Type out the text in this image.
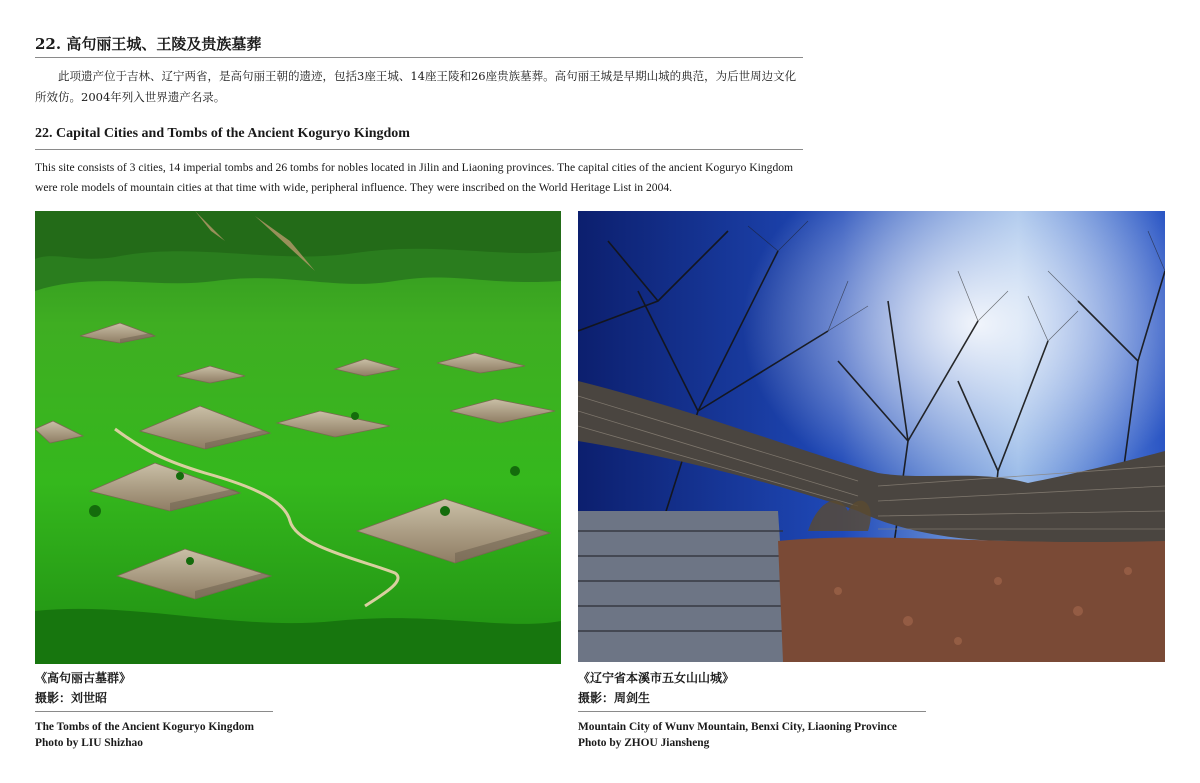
22. 高句丽王城、王陵及贵族墓葬
此项遗产位于吉林、辽宁两省，是高句丽王朝的遗迹，包括3座王城、14座王陵和26座贵族墓葬。高句丽王城是早期山城的典范，为后世周边文化所效仿。2004年列入世界遗产名录。
22. Capital Cities and Tombs of the Ancient Koguryo Kingdom
This site consists of 3 cities, 14 imperial tombs and 26 tombs for nobles located in Jilin and Liaoning provinces. The capital cities of the ancient Koguryo Kingdom were role models of mountain cities at that time with wide, peripheral influence. They were inscribed on the World Heritage List in 2004.
《高句丽古墓群》
摄影：刘世昭
The Tombs of the Ancient Koguryo Kingdom
Photo by LIU Shizhao
《辽宁省本溪市五女山山城》
摄影：周剑生
Mountain City of Wunv Mountain, Benxi City, Liaoning Province
Photo by ZHOU Jiansheng
